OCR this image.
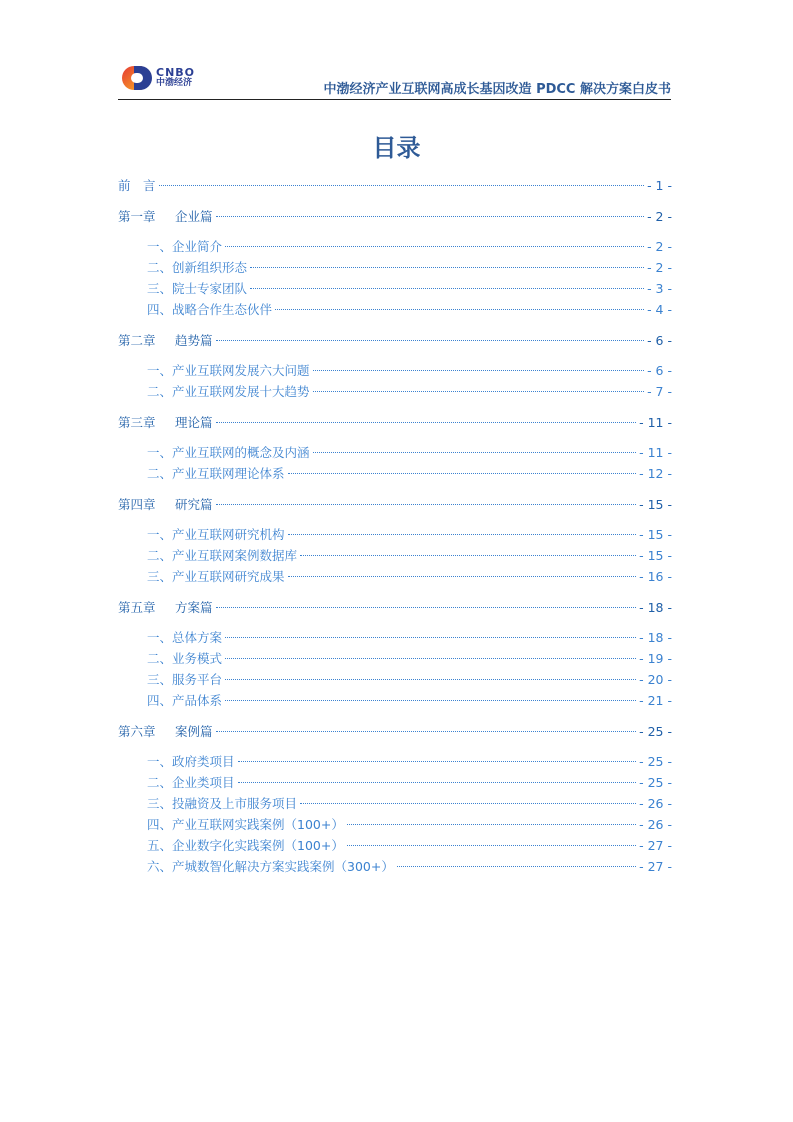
CNBO
中渤经济	中渤经济产业互联网高成长基因改造 PDCC 解决方案白皮书
目录
前　言	- 1 -
第一章	企业篇	- 2 -
一、 企业简介	- 2 -
二、 创新组织形态	- 2 -
三、 院士专家团队	- 3 -
四、 战略合作生态伙伴	- 4 -
第二章	趋势篇	- 6 -
一、 产业互联网发展六大问题	- 6 -
二、 产业互联网发展十大趋势	- 7 -
第三章	理论篇	- 11 -
一、 产业互联网的概念及内涵	- 11 -
二、 产业互联网理论体系	- 12 -
第四章	研究篇	- 15 -
一、 产业互联网研究机构	- 15 -
二、 产业互联网案例数据库	- 15 -
三、 产业互联网研究成果	- 16 -
第五章	方案篇	- 18 -
一、 总体方案	- 18 -
二、 业务模式	- 19 -
三、 服务平台	- 20 -
四、 产品体系	- 21 -
第六章	案例篇	- 25 -
一、 政府类项目	- 25 -
二、 企业类项目	- 25 -
三、 投融资及上市服务项目	- 26 -
四、 产业互联网实践案例（100+）	- 26 -
五、 企业数字化实践案例（100+）	- 27 -
六、 产城数智化解决方案实践案例（300+）	- 27 -
